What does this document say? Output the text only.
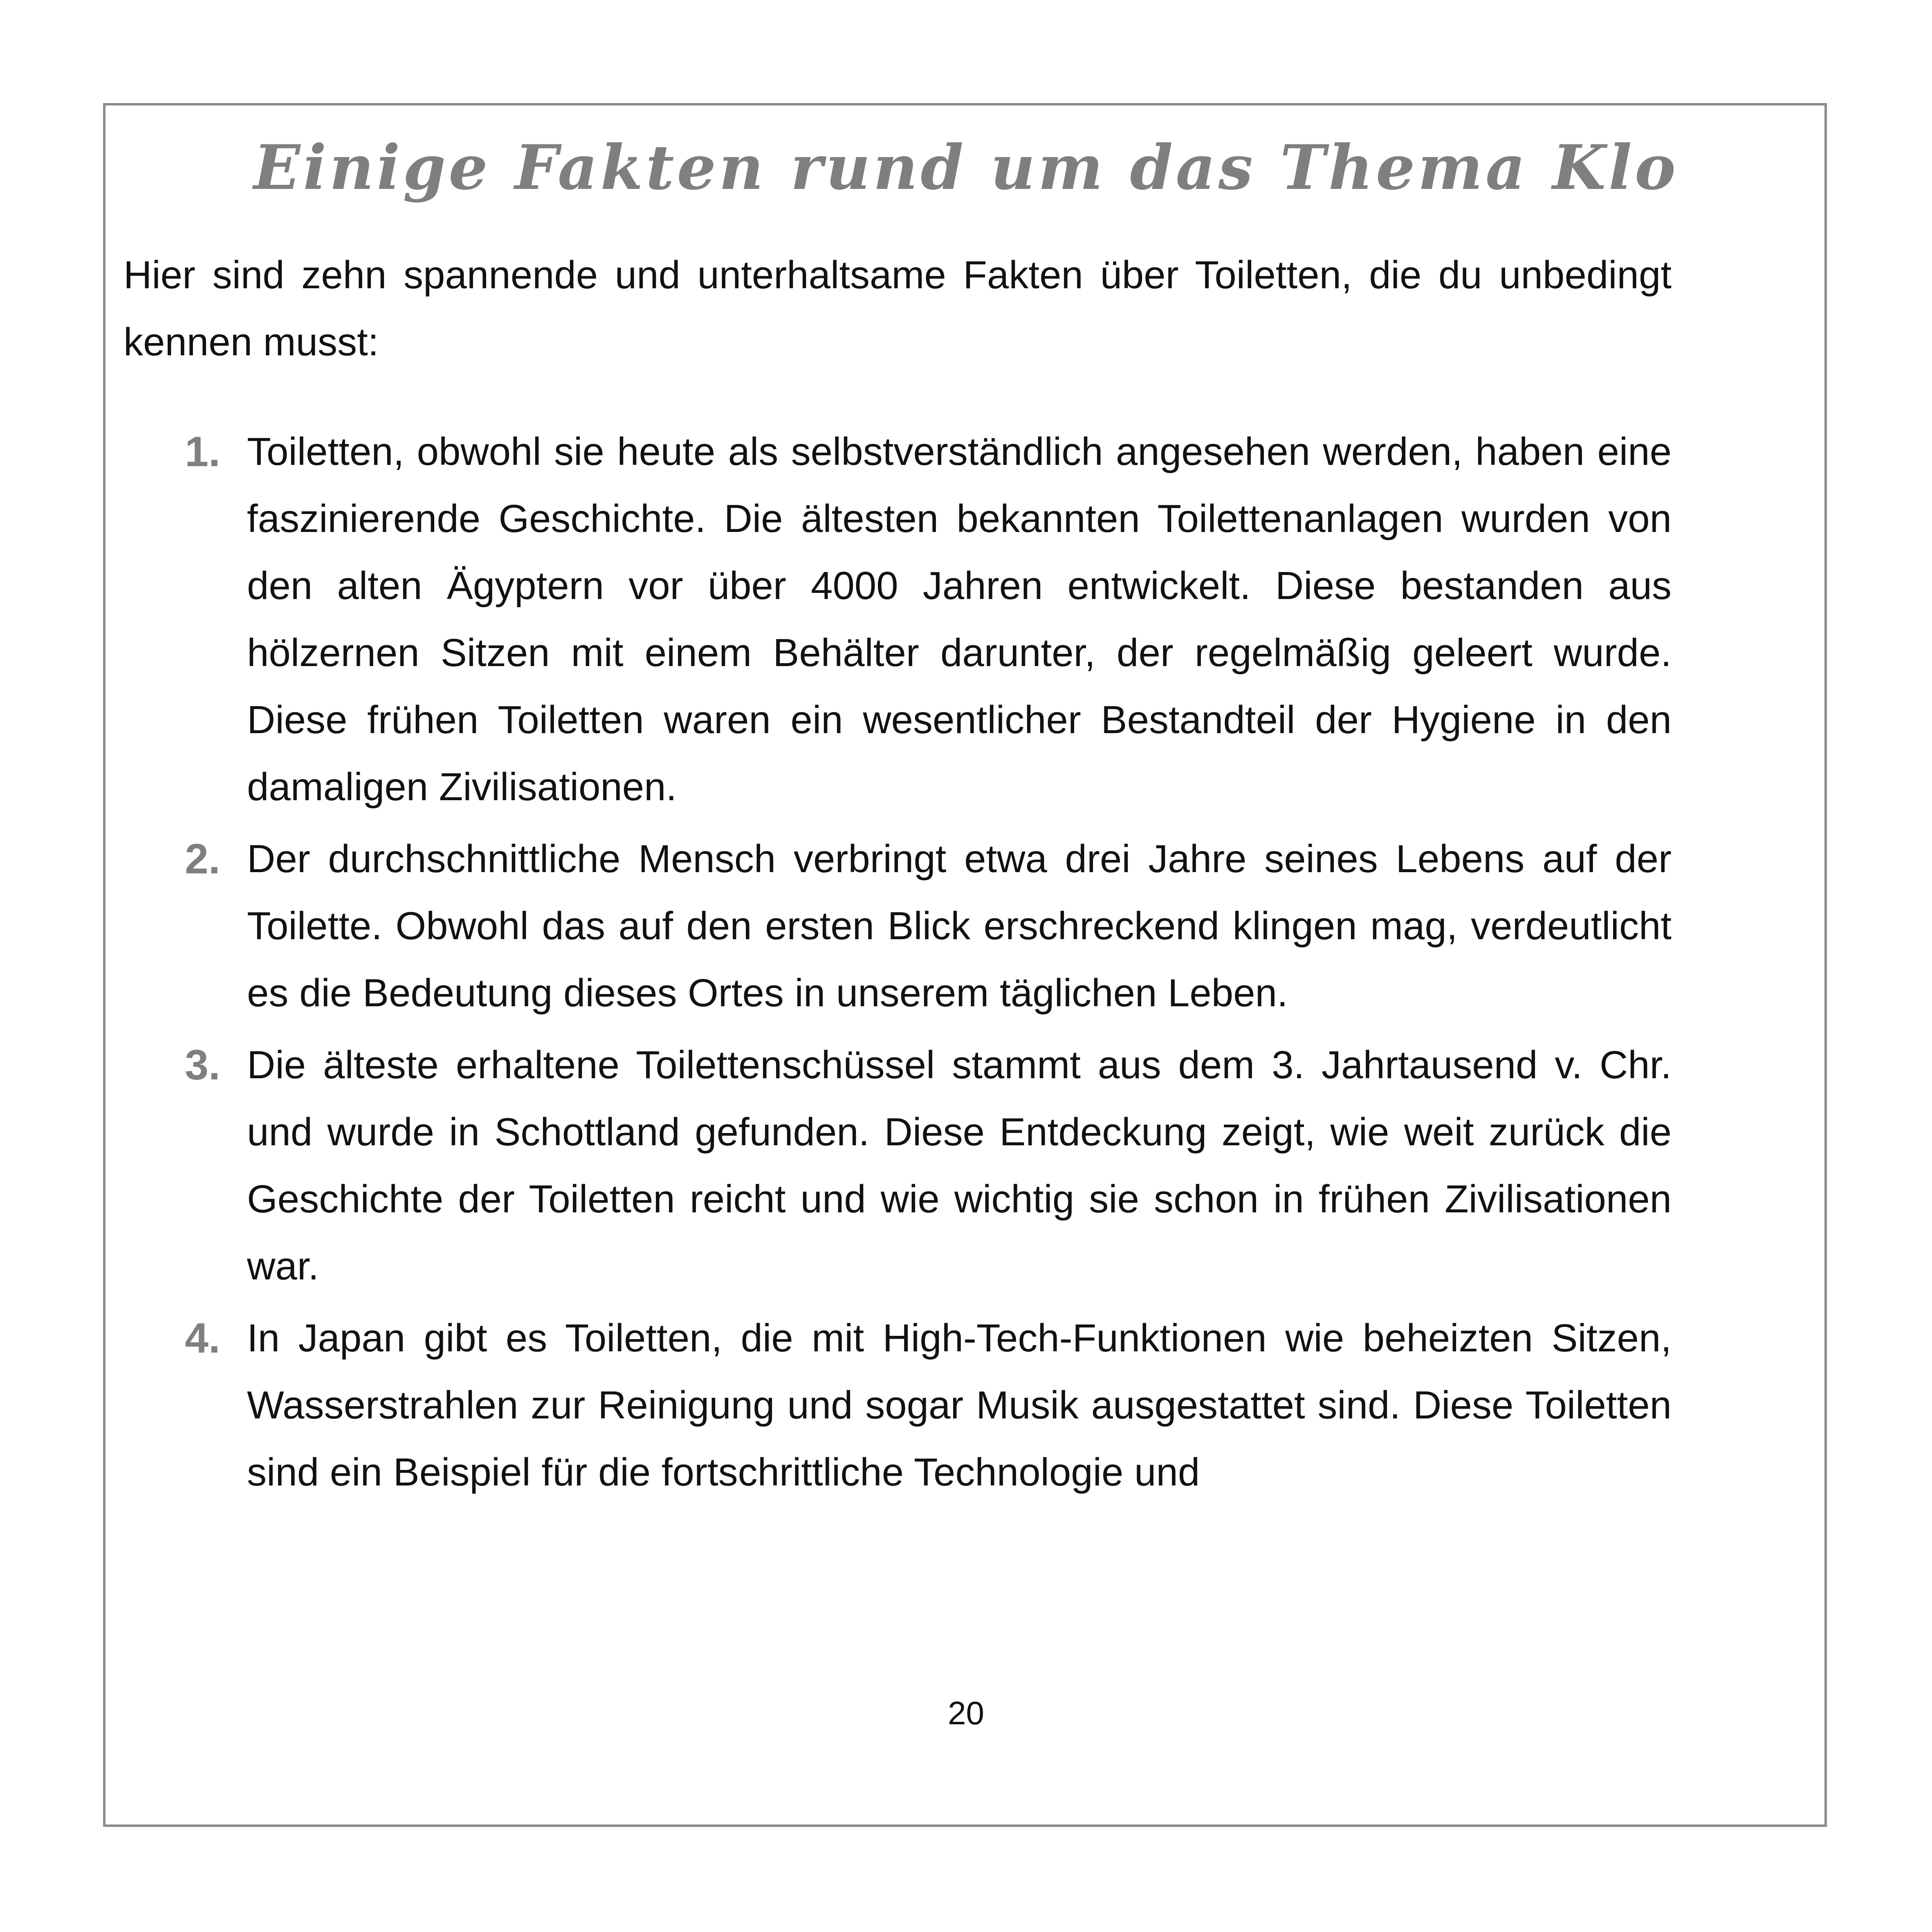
Einige Fakten rund um das Thema Klo

Hier sind zehn spannende und unterhaltsame Fakten über Toiletten, die du unbedingt kennen musst:

1. Toiletten, obwohl sie heute als selbstverständlich angesehen werden, haben eine faszinierende Geschichte. Die ältesten bekannten Toilettenanlagen wurden von den alten Ägyptern vor über 4000 Jahren entwickelt. Diese bestanden aus hölzernen Sitzen mit einem Behälter darunter, der regelmäßig geleert wurde. Diese frühen Toiletten waren ein wesentlicher Bestandteil der Hygiene in den damaligen Zivilisationen.
2. Der durchschnittliche Mensch verbringt etwa drei Jahre seines Lebens auf der Toilette. Obwohl das auf den ersten Blick erschreckend klingen mag, verdeutlicht es die Bedeutung dieses Ortes in unserem täglichen Leben.
3. Die älteste erhaltene Toilettenschüssel stammt aus dem 3. Jahrtausend v. Chr. und wurde in Schottland gefunden. Diese Entdeckung zeigt, wie weit zurück die Geschichte der Toiletten reicht und wie wichtig sie schon in frühen Zivilisationen war.
4. In Japan gibt es Toiletten, die mit High-Tech-Funktionen wie beheizten Sitzen, Wasserstrahlen zur Reinigung und sogar Musik ausgestattet sind. Diese Toiletten sind ein Beispiel für die fortschrittliche Technologie und
20
